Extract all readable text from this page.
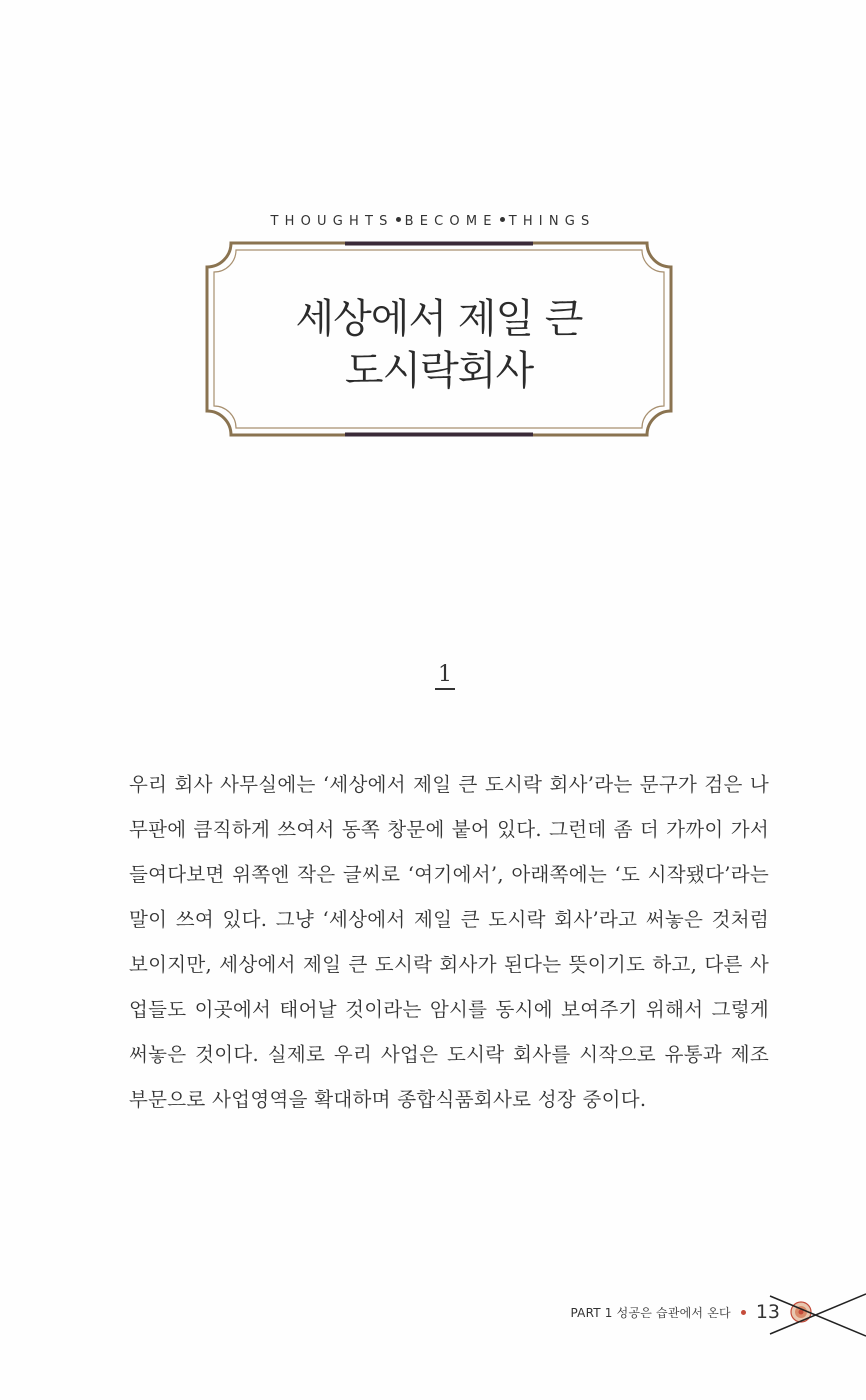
THOUGHTS BECOME THINGS
세상에서 제일 큰
도시락회사
1

우리 회사 사무실에는 ‘세상에서 제일 큰 도시락 회사’라는 문구가 검은 나무판에 큼직하게 쓰여서 동쪽 창문에 붙어 있다. 그런데 좀 더 가까이 가서 들여다보면 위쪽엔 작은 글씨로 ‘여기에서’, 아래쪽에는 ‘도 시작됐다’라는 말이 쓰여 있다. 그냥 ‘세상에서 제일 큰 도시락 회사’라고 써놓은 것처럼 보이지만, 세상에서 제일 큰 도시락 회사가 된다는 뜻이기도 하고, 다른 사업들도 이곳에서 태어날 것이라는 암시를 동시에 보여주기 위해서 그렇게 써놓은 것이다. 실제로 우리 사업은 도시락 회사를 시작으로 유통과 제조 부문으로 사업영역을 확대하며 종합식품회사로 성장 중이다.

PART 1 성공은 습관에서 온다 13
